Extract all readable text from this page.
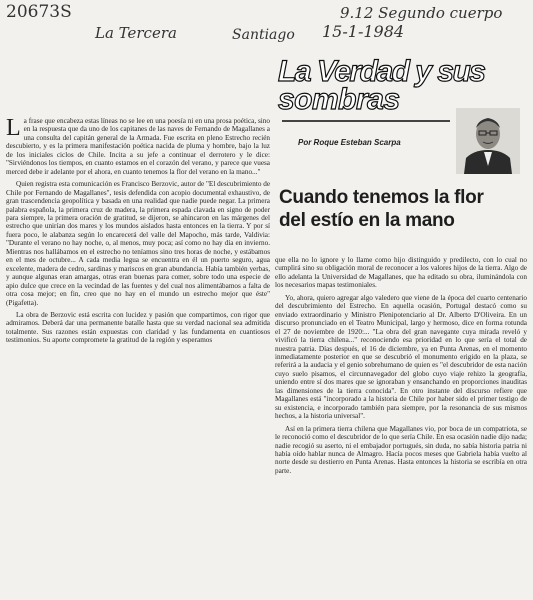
20673S	9.12 Segundo cuerpo
La Tercera	Santiago 15-1-1984
La Verdad y sus
sombras
Por Roque Esteban Scarpa
Cuando tenemos la flor
del estío en la mano

La frase que encabeza estas líneas no se lee en una poesía ni en una prosa poética, sino en la respuesta que da uno de los capitanes de las naves de Fernando de Magallanes a una consulta del capitán general de la Armada. Fue escrita en pleno Estrecho recién descubierto, y es la primera manifestación poética nacida de pluma y hombre, bajo la luz de los iniciales ciclos de Chile. Incita a su jefe a continuar el derrotero y le dice: "Sirviéndonos los tiempos, en cuanto estamos en el corazón del verano, y parece que vuesa merced debe ir adelante por el ahora, en cuanto tenemos la flor del verano en la mano..."

Quien registra esta comunicación es Francisco Berzovic, autor de "El descubrimiento de Chile por Fernando de Magallanes", tesis defendida con acopio documental exhaustivo, de gran trascendencia geopolítica y basada en una realidad que nadie puede negar. La primera palabra española, la primera cruz de madera, la primera espada clavada en signo de poder para siempre, la primera oración de gratitud, se dijeron, se ahincaron en las márgenes del estrecho que unirían dos mares y los mundos aislados hasta entonces en la tierra. Y por sí fuera poco, le alabanza según lo encarecerá del valle del Mapocho, más tarde, Valdivia: "Durante el verano no hay noche, o, al menos, muy poca; así como no hay día en invierno. Mientras nos hallábamos en el estrecho no teníamos sino tres horas de noche, y estábamos en el mes de octubre... A cada media legua se encuentra en él un puerto seguro, agua excelente, madera de cedro, sardinas y mariscos en gran abundancia. Había también yerbas, y aunque algunas eran amargas, otras eran buenas para comer, sobre todo una especie de apio dulce que crece en la vecindad de las fuentes y del cual nos alimentábamos a falta de otra cosa mejor; en fin, creo que no hay en el mundo un estrecho mejor que éste" (Pigafetta).

La obra de Berzovic está escrita con lucidez y pasión que compartimos, con rigor que admiramos. Deberá dar una permanente batalle hasta que su verdad nacional sea admitida totalmente. Sus razones están expuestas con claridad y las fundamenta en cuantiosos testimonios. Su aporte compromete la gratitud de la región y esperamos

que ella no lo ignore y lo llame como hijo distinguido y predilecto, con lo cual no cumplirá sino su obligación moral de reconocer a los valores hijos de la tierra. Algo de ello adelanta la Universidad de Magallanes, que ha editado su obra, iluminándola con los necesarios mapas testimoniales.

Yo, ahora, quiero agregar algo valedero que viene de la época del cuarto centenario del descubrimiento del Estrecho. En aquella ocasión, Portugal destacó como su enviado extraordinario y Ministro Plenipotenciario al Dr. Alberto D'Oliveira. En un discurso pronunciado en el Teatro Municipal, largo y hermoso, dice en forma rotunda el 27 de noviembre de 1920:... "La obra del gran navegante cuya mirada reveló y vivificó la tierra chilena..." reconociendo esa prioridad en lo que sería el total de nuestra patria. Días después, el 16 de diciembre, ya en Punta Arenas, en el momento inmediatamente posterior en que se descubrió el monumento erigido en la plaza, se referirá a la audacia y el genio sobrehumano de quien es "el descubridor de esta nación cuyo suelo pisamos, el circunnavegador del globo cuyo viaje rehizo la geografía, uniendo entre sí dos mares que se ignoraban y ensanchando en proporciones inauditas las dimensiones de la tierra conocida". En otro instante del discurso refiere que Magallanes está "incorporado a la historia de Chile por haber sido el primer testigo de su existencia, e incorporado también para siempre, por la resonancia de sus mismos hechos, a la historia universal".

Así en la primera tierra chilena que Magallanes vio, por boca de un compatriota, se le reconoció como el descubridor de lo que sería Chile. En esa ocasión nadie dijo nada; nadie recogió su aserto, ni el embajador portugués, sin duda, no sabía historia patria ni había oído hablar nunca de Almagro. Hacía pocos meses que Gabriela había vuelto al norte desde su destierro en Punta Arenas. Hasta entonces la historia se escribía en otra parte.
